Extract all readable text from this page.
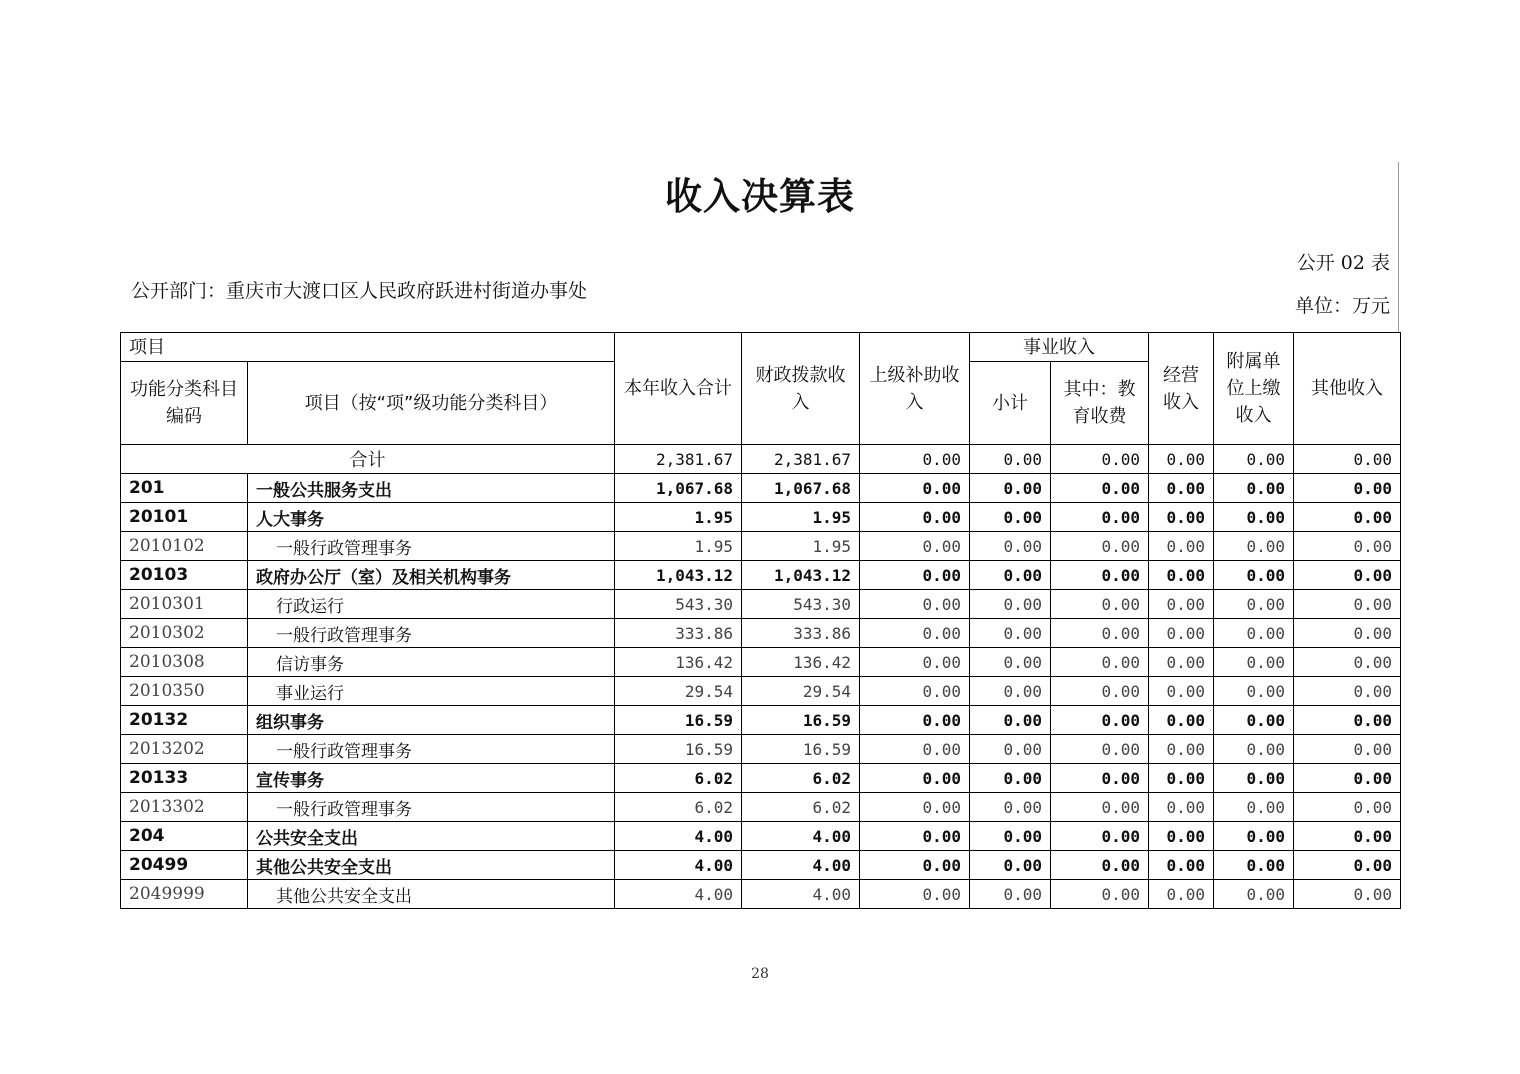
收入决算表
公开 02 表
公开部门：重庆市大渡口区人民政府跃进村街道办事处
单位：万元
项目		本年收入合计	财政拨款收入	上级补助收入	事业收入		经营收入	附属单位上缴收入	其他收入
功能分类科目编码	项目（按“项”级功能分类科目）				小计	其中：教育收费			
合计		2,381.67	2,381.67	0.00	0.00	0.00	0.00	0.00	0.00
201	一般公共服务支出	1,067.68	1,067.68	0.00	0.00	0.00	0.00	0.00	0.00
20101	人大事务	1.95	1.95	0.00	0.00	0.00	0.00	0.00	0.00
2010102	一般行政管理事务	1.95	1.95	0.00	0.00	0.00	0.00	0.00	0.00
20103	政府办公厅（室）及相关机构事务	1,043.12	1,043.12	0.00	0.00	0.00	0.00	0.00	0.00
2010301	行政运行	543.30	543.30	0.00	0.00	0.00	0.00	0.00	0.00
2010302	一般行政管理事务	333.86	333.86	0.00	0.00	0.00	0.00	0.00	0.00
2010308	信访事务	136.42	136.42	0.00	0.00	0.00	0.00	0.00	0.00
2010350	事业运行	29.54	29.54	0.00	0.00	0.00	0.00	0.00	0.00
20132	组织事务	16.59	16.59	0.00	0.00	0.00	0.00	0.00	0.00
2013202	一般行政管理事务	16.59	16.59	0.00	0.00	0.00	0.00	0.00	0.00
20133	宣传事务	6.02	6.02	0.00	0.00	0.00	0.00	0.00	0.00
2013302	一般行政管理事务	6.02	6.02	0.00	0.00	0.00	0.00	0.00	0.00
204	公共安全支出	4.00	4.00	0.00	0.00	0.00	0.00	0.00	0.00
20499	其他公共安全支出	4.00	4.00	0.00	0.00	0.00	0.00	0.00	0.00
2049999	其他公共安全支出	4.00	4.00	0.00	0.00	0.00	0.00	0.00	0.00
28
